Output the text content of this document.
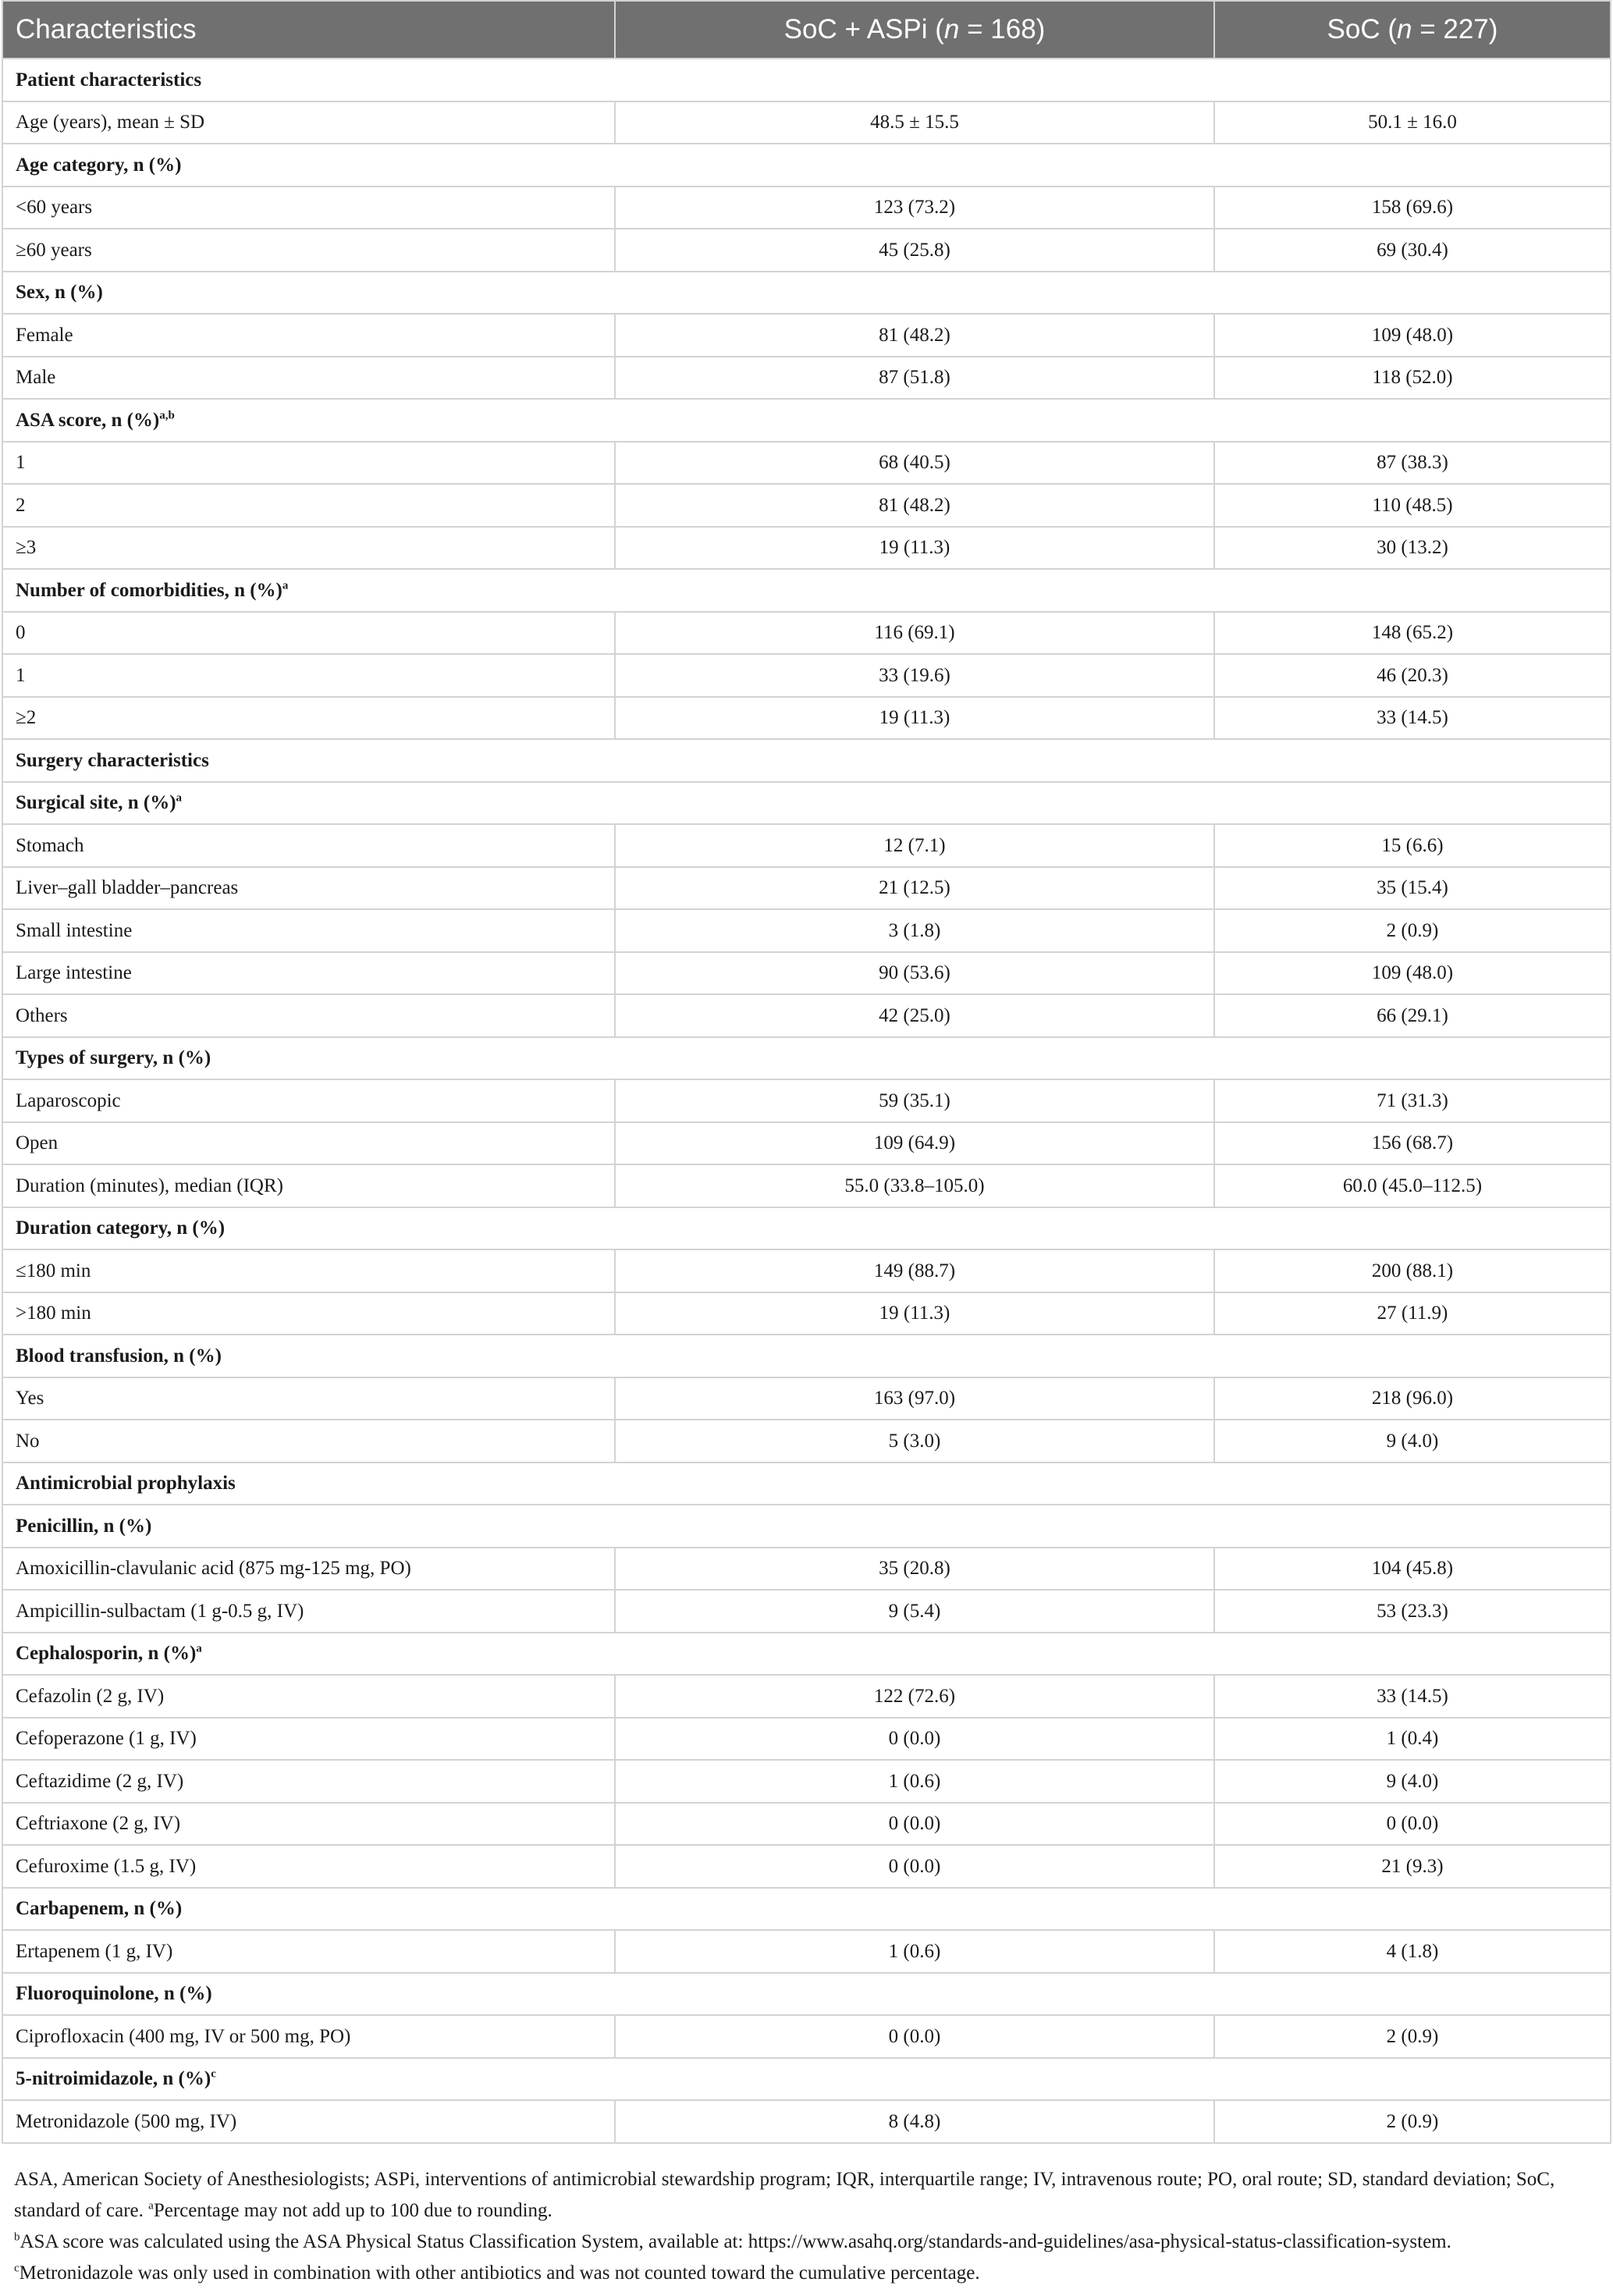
Characteristics	SoC + ASPi (n = 168)	SoC (n = 227)
Patient characteristics		
Age (years), mean ± SD	48.5 ± 15.5	50.1 ± 16.0
Age category, n (%)		
<60 years	123 (73.2)	158 (69.6)
≥60 years	45 (25.8)	69 (30.4)
Sex, n (%)		
Female	81 (48.2)	109 (48.0)
Male	87 (51.8)	118 (52.0)
ASA score, n (%)$^{a,b}$
1	68 (40.5)	87 (38.3)
2	81 (48.2)	110 (48.5)
≥3	19 (11.3)	30 (13.2)
Number of comorbidities, n (%)$^a$
0	116 (69.1)	148 (65.2)
1	33 (19.6)	46 (20.3)
≥2	19 (11.3)	33 (14.5)
Surgery characteristics		
Surgical site, n (%)$^a$
Stomach	12 (7.1)	15 (6.6)
Liver–gall bladder–pancreas	21 (12.5)	35 (15.4)
Small intestine	3 (1.8)	2 (0.9)
Large intestine	90 (53.6)	109 (48.0)
Others	42 (25.0)	66 (29.1)
Types of surgery, n (%)		
Laparoscopic	59 (35.1)	71 (31.3)
Open	109 (64.9)	156 (68.7)
Duration (minutes), median (IQR)	55.0 (33.8–105.0)	60.0 (45.0–112.5)
Duration category, n (%)		
≤180 min	149 (88.7)	200 (88.1)
>180 min	19 (11.3)	27 (11.9)
Blood transfusion, n (%)		
Yes	163 (97.0)	218 (96.0)
No	5 (3.0)	9 (4.0)
Antimicrobial prophylaxis		
Penicillin, n (%)		
Amoxicillin-clavulanic acid (875 mg-125 mg, PO)	35 (20.8)	104 (45.8)
Ampicillin-sulbactam (1 g-0.5 g, IV)	9 (5.4)	53 (23.3)
Cephalosporin, n (%)$^a$
Cefazolin (2 g, IV)	122 (72.6)	33 (14.5)
Cefoperazone (1 g, IV)	0 (0.0)	1 (0.4)
Ceftazidime (2 g, IV)	1 (0.6)	9 (4.0)
Ceftriaxone (2 g, IV)	0 (0.0)	0 (0.0)
Cefuroxime (1.5 g, IV)	0 (0.0)	21 (9.3)
Carbapenem, n (%)		
Ertapenem (1 g, IV)	1 (0.6)	4 (1.8)
Fluoroquinolone, n (%)		
Ciprofloxacin (400 mg, IV or 500 mg, PO)	0 (0.0)	2 (0.9)
5-nitroimidazole, n (%)$^c$
Metronidazole (500 mg, IV)	8 (4.8)	2 (0.9)

ASA, American Society of Anesthesiologists; ASPi, interventions of antimicrobial stewardship program; IQR, interquartile range; IV, intravenous route; PO, oral route; SD, standard deviation; SoC, standard of care. $^a$Percentage may not add up to 100 due to rounding.

$^b$ASA score was calculated using the ASA Physical Status Classification System, available at: https://www.asahq.org/standards-and-guidelines/asa-physical-status-classification-system.

$^c$Metronidazole was only used in combination with other antibiotics and was not counted toward the cumulative percentage.
